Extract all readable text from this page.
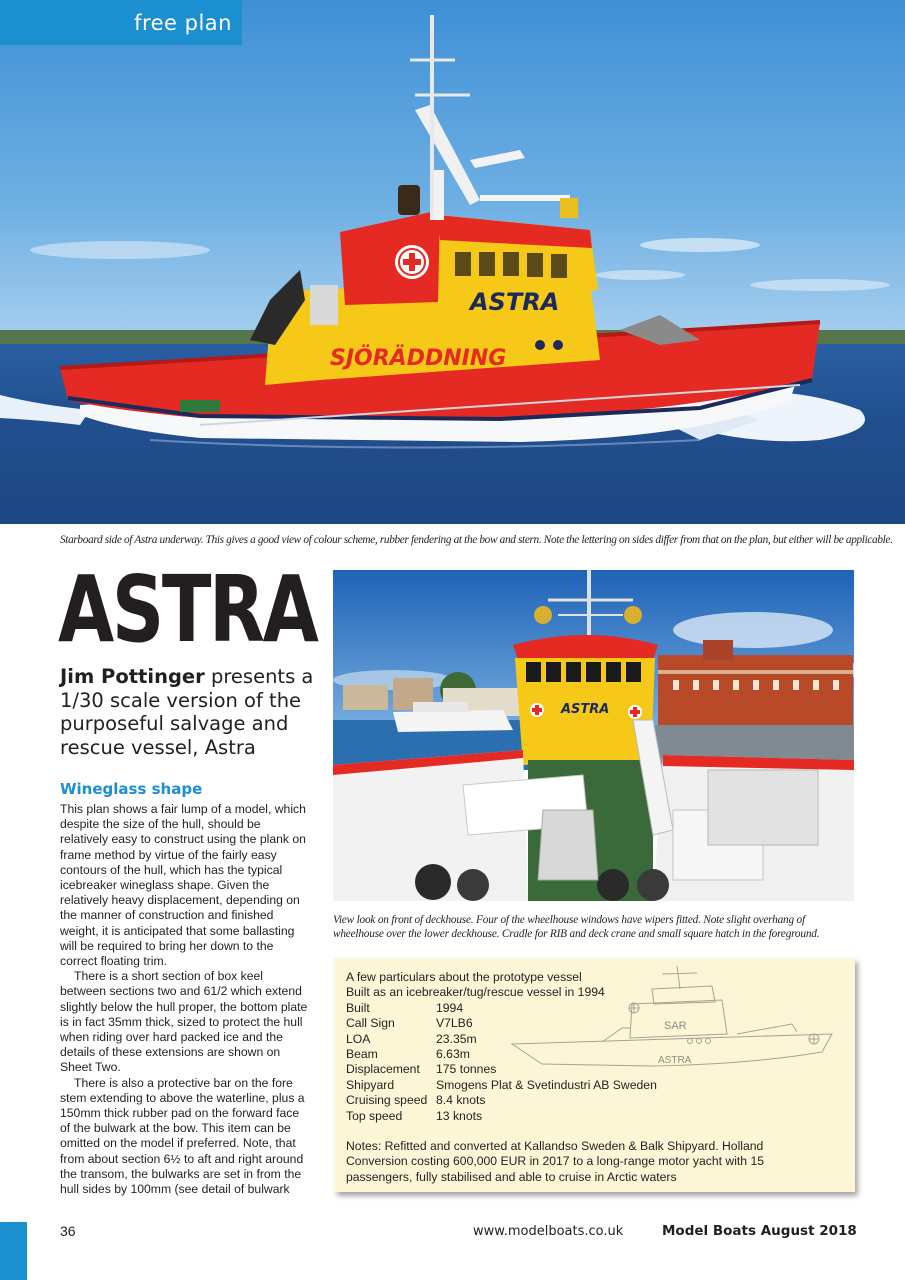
ASTRA
SJÖRÄDDNING
free plan
Starboard side of Astra underway. This gives a good view of colour scheme, rubber fendering at the bow and stern. Note the lettering on sides differ from that on the plan, but either will be applicable.
ASTRA
Jim Pottinger presents a 1/30 scale version of the purposeful salvage and rescue vessel, Astra
Wineglass shape

This plan shows a fair lump of a model, which despite the size of the hull, should be relatively easy to construct using the plank on frame method by virtue of the fairly easy contours of the hull, which has the typical icebreaker wineglass shape. Given the relatively heavy displacement, depending on the manner of construction and finished weight, it is anticipated that some ballasting will be required to bring her down to the correct floating trim.

There is a short section of box keel between sections two and 61/2 which extend slightly below the hull proper, the bottom plate is in fact 35mm thick, sized to protect the hull when riding over hard packed ice and the details of these extensions are shown on Sheet Two.

There is also a protective bar on the fore stem extending to above the waterline, plus a 150mm thick rubber pad on the forward face of the bulwark at the bow. This item can be omitted on the model if preferred. Note, that from about section 6½ to aft and right around the transom, the bulwarks are set in from the hull sides by 100mm (see detail of bulwark

ASTRA
View look on front of deckhouse. Four of the wheelhouse windows have wipers fitted. Note slight overhang of wheelhouse over the lower deckhouse. Cradle for RIB and deck crane and small square hatch in the foreground.
SAR
ASTRA
A few particulars about the prototype vessel
Built as an icebreaker/tug/rescue vessel in 1994
Built	1994
Call Sign	V7LB6
LOA	23.35m
Beam	6.63m
Displacement	175 tonnes
Shipyard	Smogens Plat & Svetindustri AB Sweden
Cruising speed 8.4 knots
Top speed	13 knots
Notes: Refitted and converted at Kallandso Sweden & Balk Shipyard. Holland Conversion costing 600,000 EUR in 2017 to a long-range motor yacht with 15 passengers, fully stabilised and able to cruise in Arctic waters
36	www.modelboats.co.uk	Model Boats August 2018
